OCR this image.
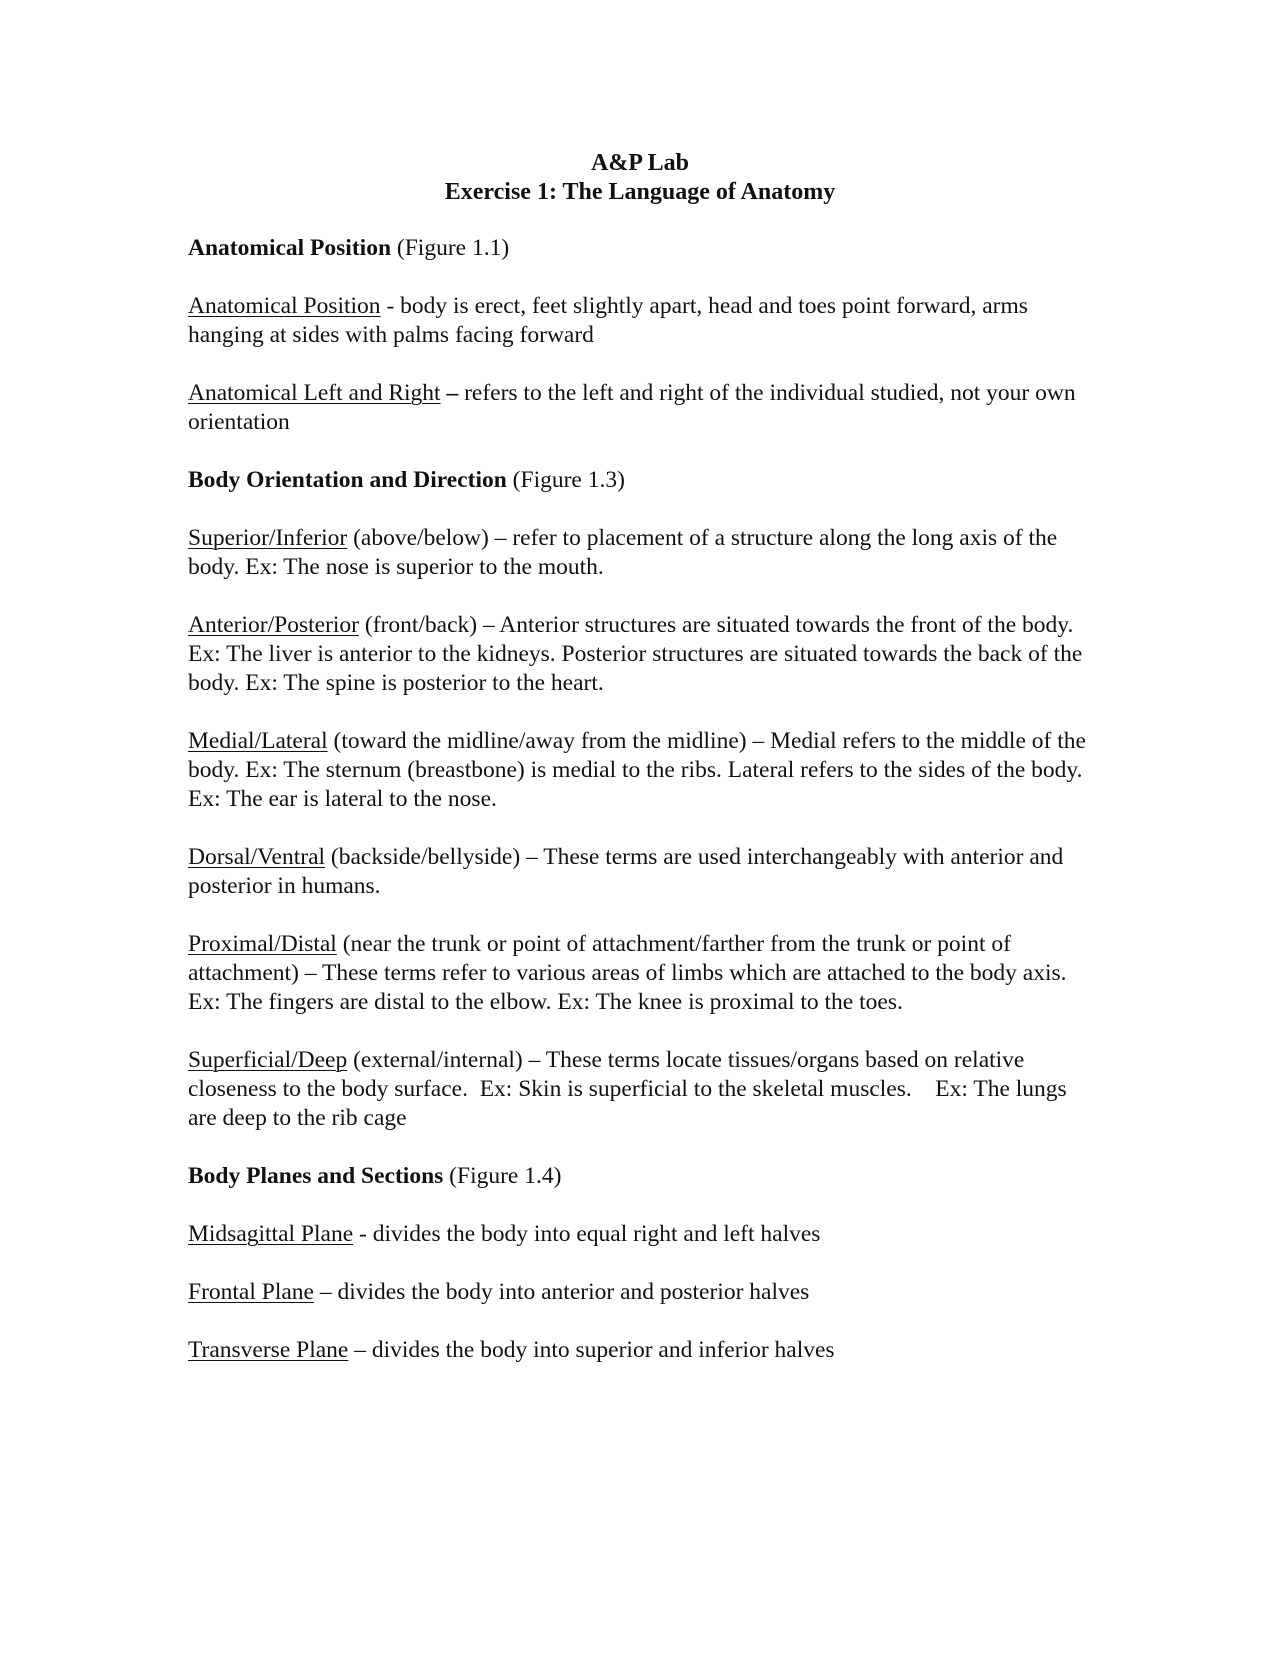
A&P Lab
Exercise 1: The Language of Anatomy

Anatomical Position (Figure 1.1)

Anatomical Position - body is erect, feet slightly apart, head and toes point forward, arms hanging at sides with palms facing forward

Anatomical Left and Right – refers to the left and right of the individual studied, not your own orientation

Body Orientation and Direction (Figure 1.3)

Superior/Inferior (above/below) – refer to placement of a structure along the long axis of the body. Ex: The nose is superior to the mouth.

Anterior/Posterior (front/back) – Anterior structures are situated towards the front of the body. Ex: The liver is anterior to the kidneys. Posterior structures are situated towards the back of the body. Ex: The spine is posterior to the heart.

Medial/Lateral (toward the midline/away from the midline) – Medial refers to the middle of the body. Ex: The sternum (breastbone) is medial to the ribs. Lateral refers to the sides of the body. Ex: The ear is lateral to the nose.

Dorsal/Ventral (backside/bellyside) – These terms are used interchangeably with anterior and posterior in humans.

Proximal/Distal (near the trunk or point of attachment/farther from the trunk or point of attachment) – These terms refer to various areas of limbs which are attached to the body axis. Ex: The fingers are distal to the elbow. Ex: The knee is proximal to the toes.

Superficial/Deep (external/internal) – These terms locate tissues/organs based on relative closeness to the body surface.  Ex: Skin is superficial to the skeletal muscles.    Ex: The lungs are deep to the rib cage

Body Planes and Sections (Figure 1.4)

Midsagittal Plane - divides the body into equal right and left halves

Frontal Plane – divides the body into anterior and posterior halves

Transverse Plane – divides the body into superior and inferior halves
